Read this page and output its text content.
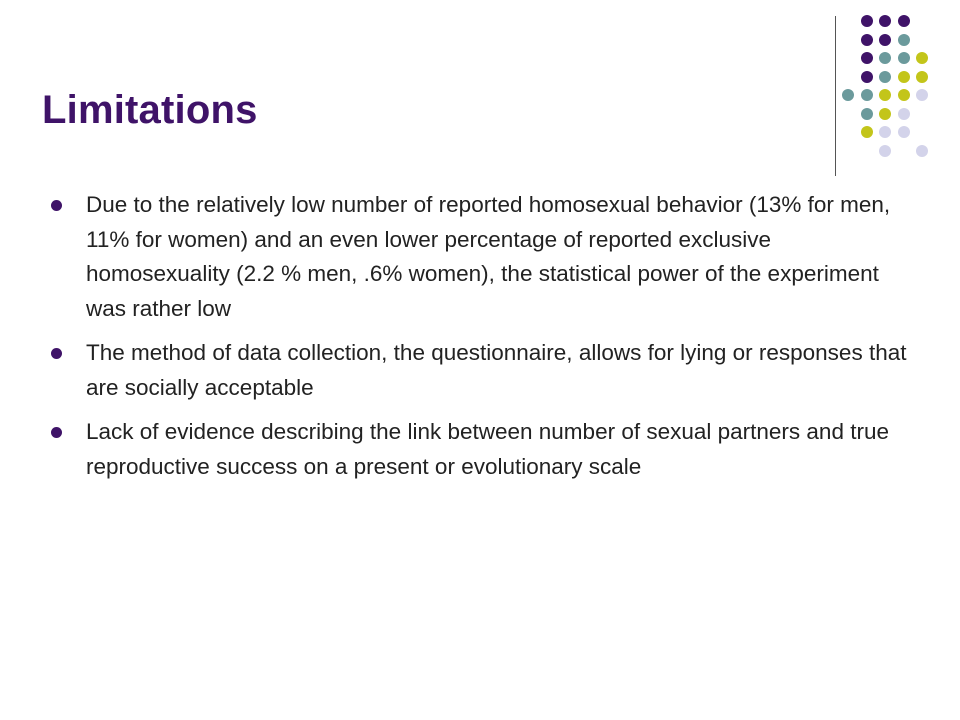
Limitations
Due to the relatively low number of reported homosexual behavior (13% for men, 11% for women) and an even lower percentage of reported exclusive homosexuality (2.2 % men, .6% women), the statistical power of the experiment was rather low
The method of data collection, the questionnaire, allows for lying or responses that are socially acceptable
Lack of evidence describing the link between number of sexual partners and true reproductive success on a present or evolutionary scale
